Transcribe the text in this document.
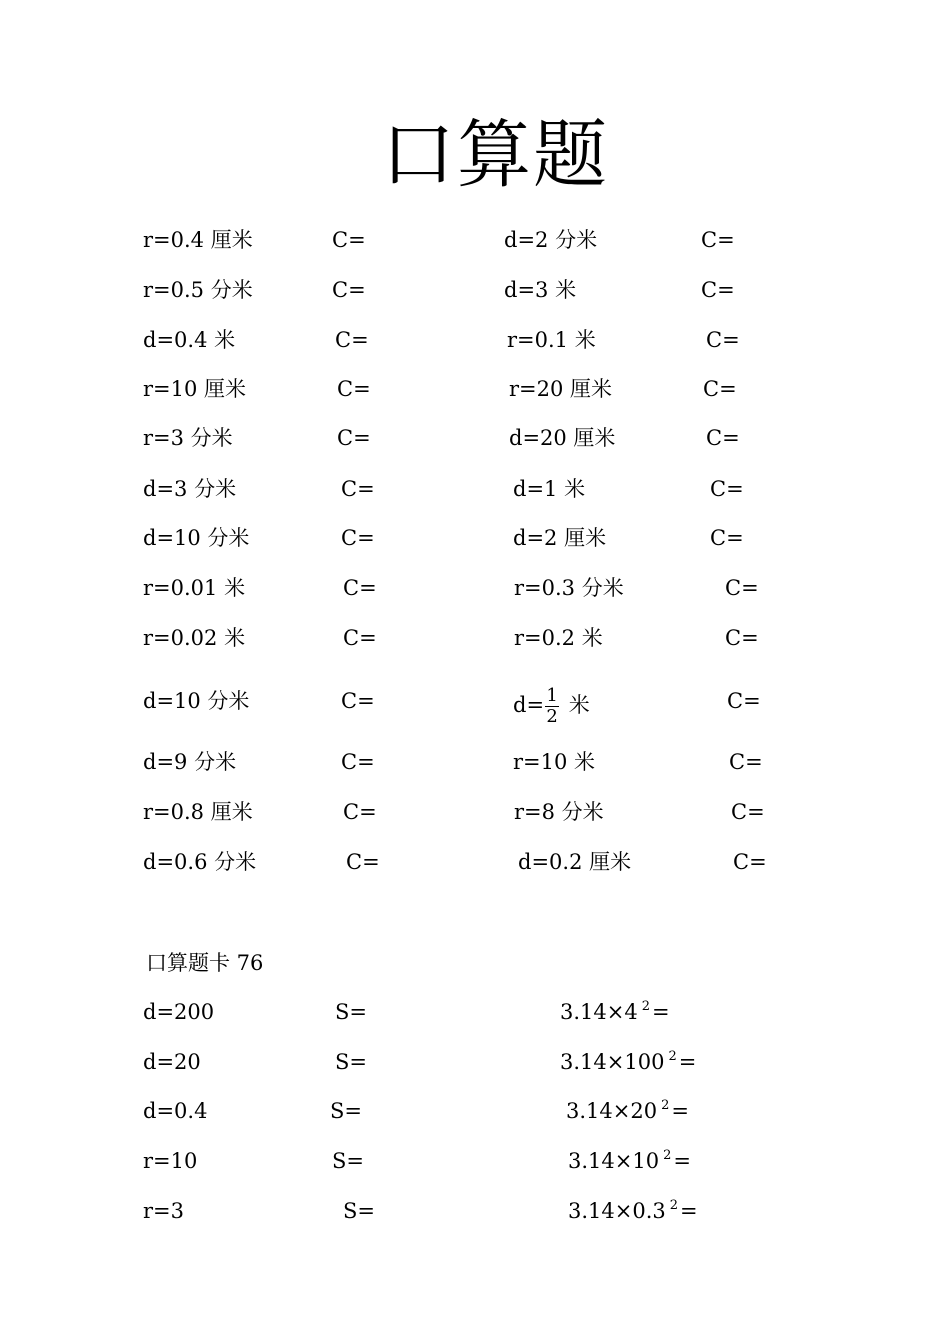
口算题
r=0.4 厘米	C=	d=2 分米	C=
r=0.5 分米	C=	d=3 米	C=
d=0.4 米	C=	r=0.1 米	C=
r=10 厘米	C=	r=20 厘米	C=
r=3 分米	C=	d=20 厘米	C=
d=3 分米	C=	d=1 米	C=
d=10 分米	C=	d=2 厘米	C=
r=0.01 米	C=	r=0.3 分米	C=
r=0.02 米	C=	r=0.2 米	C=
d=10 分米	C=	$d= \frac{1}{2}$ 米	C=
d=9 分米	C=	r=10 米	C=
r=0.8 厘米	C=	r=8 分米	C=
d=0.6 分米	C=	d=0.2 厘米	C=
口算题卡 76
d=200	S=	3.14×4 $^2$=
d=20	S=	3.14×100 $^2$=
d=0.4	S=	3.14×20 $^2$=
r=10	S=	3.14×10 $^2$=
r=3	S=	3.14×0.3 $^2$=
